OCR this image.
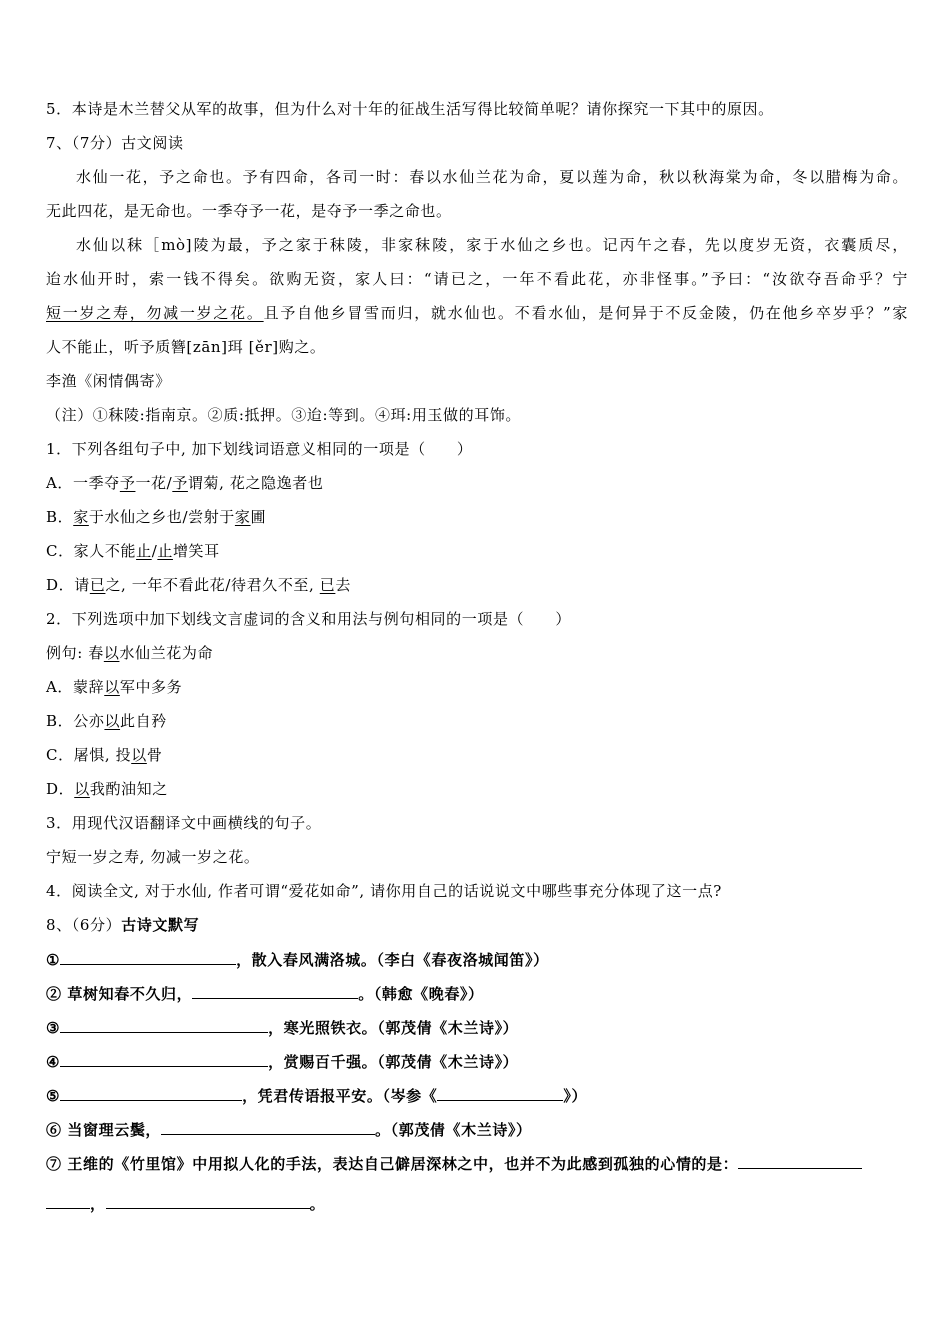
5．本诗是木兰替父从军的故事，但为什么对十年的征战生活写得比较简单呢？请你探究一下其中的原因。
7、（7分）古文阅读
水仙一花，予之命也。予有四命，各司一时：春以水仙兰花为命，夏以莲为命，秋以秋海棠为命，冬以腊梅为命。
无此四花，是无命也。一季夺予一花，是夺予一季之命也。
水仙以秣［mò]陵为最，予之家于秣陵，非家秣陵，家于水仙之乡也。记丙午之春，先以度岁无资，衣囊质尽，
迨水仙开时，索一钱不得矣。欲购无资，家人曰：“请已之，一年不看此花，亦非怪事。”予曰：“汝欲夺吾命乎？宁
短一岁之寿，勿减一岁之花。且予自他乡冒雪而归，就水仙也。不看水仙，是何异于不反金陵，仍在他乡卒岁乎？”家
人不能止，听予质簪[zān]珥 [ěr]购之。
李渔《闲情偶寄》
（注）①秣陵:指南京。②质:抵押。③迨:等到。④珥:用玉做的耳饰。
1．下列各组句子中, 加下划线词语意义相同的一项是（　　）
A．一季夺予一花/予谓菊, 花之隐逸者也
B．家于水仙之乡也/尝射于家圃
C．家人不能止/止增笑耳
D．请已之, 一年不看此花/待君久不至, 已去
2．下列选项中加下划线文言虚词的含义和用法与例句相同的一项是（　　）
例句: 春以水仙兰花为命
A．蒙辞以军中多务
B．公亦以此自矜
C．屠惧, 投以骨
D．以我酌油知之
3．用现代汉语翻译文中画横线的句子。
宁短一岁之寿, 勿减一岁之花。
4．阅读全文, 对于水仙, 作者可谓“爱花如命”, 请你用自己的话说说文中哪些事充分体现了这一点?
8、（6分）古诗文默写
①	，散入春风满洛城。（李白《春夜洛城闻笛》）
② 草树知春不久归，	。（韩愈《晚春》）
③	，寒光照铁衣。（郭茂倩《木兰诗》）
④	，赏赐百千强。（郭茂倩《木兰诗》）
⑤	，凭君传语报平安。（岑参《	》）
⑥ 当窗理云鬓，	。（郭茂倩《木兰诗》）
⑦ 王维的《竹里馆》中用拟人化的手法，表达自己僻居深林之中，也并不为此感到孤独的心情的是：
，	。
